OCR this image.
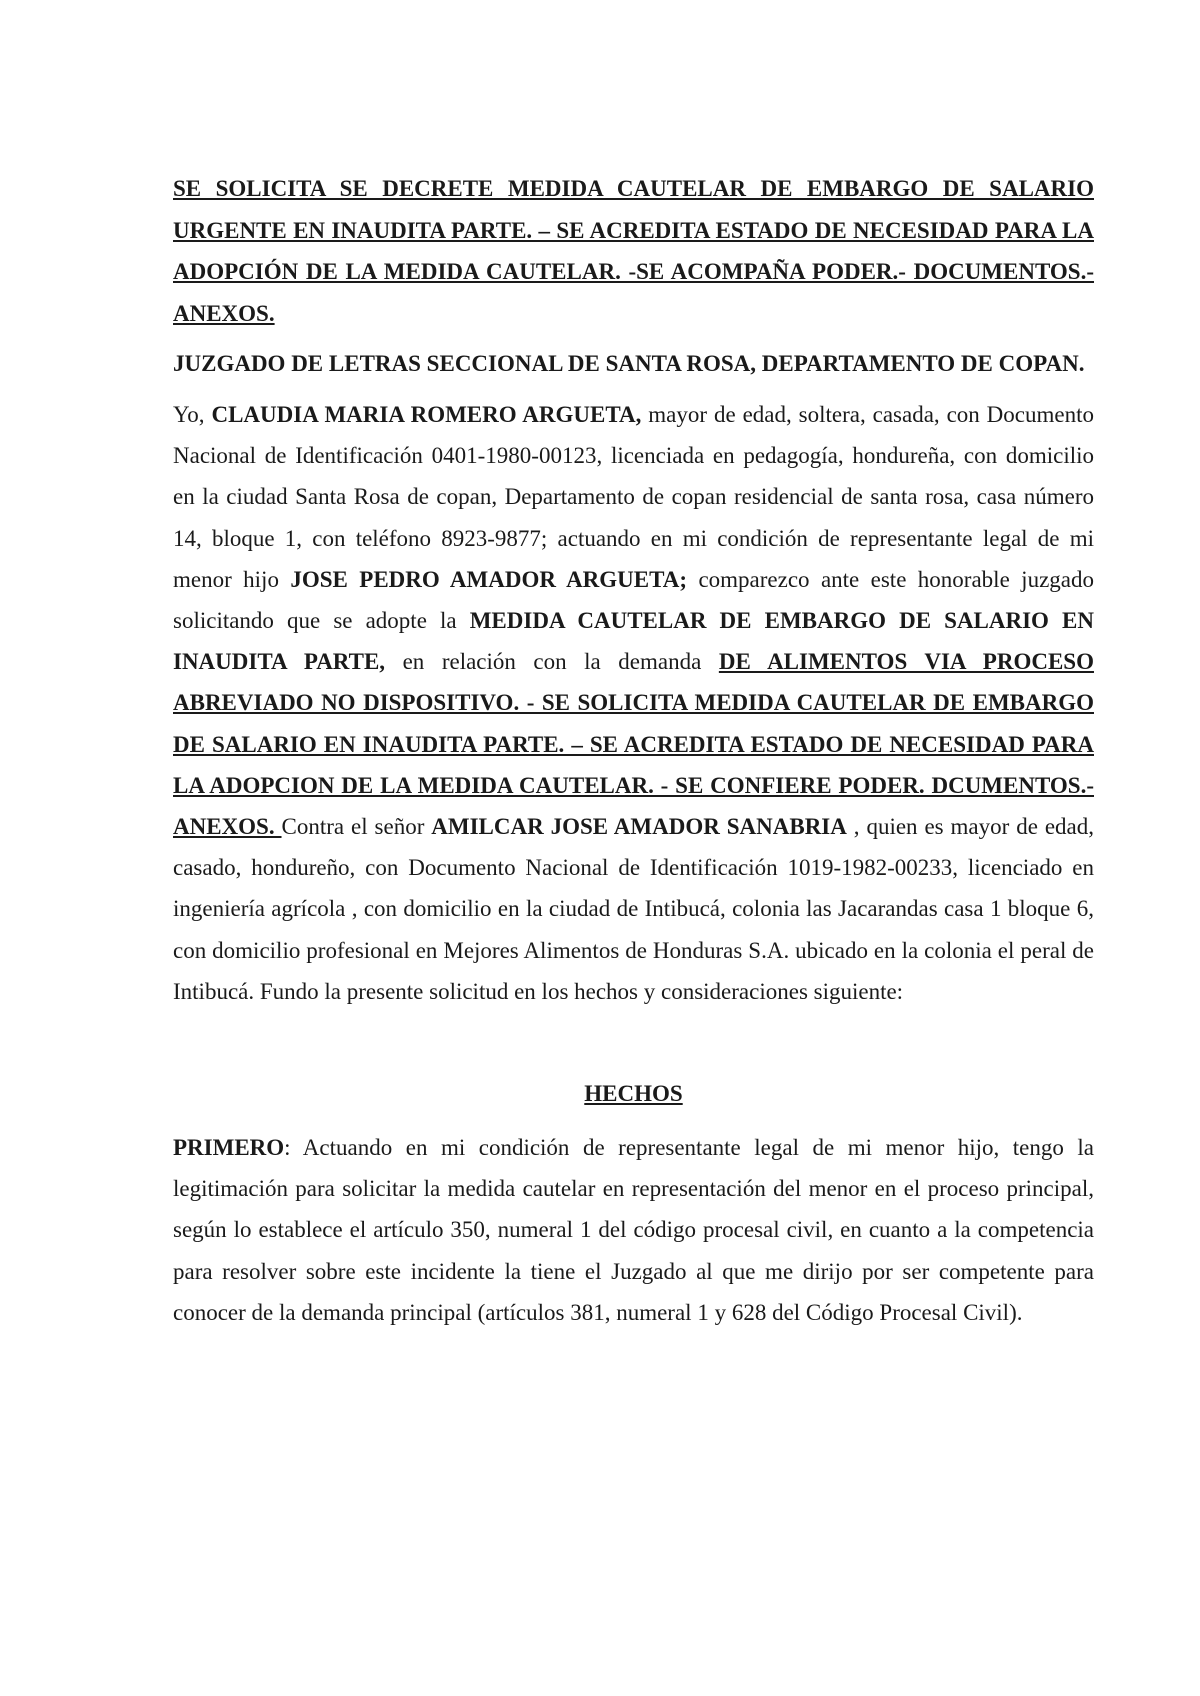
SE SOLICITA SE DECRETE MEDIDA CAUTELAR DE EMBARGO DE SALARIO URGENTE EN INAUDITA PARTE. – SE ACREDITA ESTADO DE NECESIDAD PARA LA ADOPCIÓN DE LA MEDIDA CAUTELAR. -SE ACOMPAÑA PODER.- DOCUMENTOS.- ANEXOS.

JUZGADO DE LETRAS SECCIONAL DE SANTA ROSA, DEPARTAMENTO DE COPAN.

Yo, CLAUDIA MARIA ROMERO ARGUETA, mayor de edad, soltera, casada, con Documento Nacional de Identificación 0401-1980-00123, licenciada en pedagogía, hondureña, con domicilio en la ciudad Santa Rosa de copan, Departamento de copan residencial de santa rosa, casa número 14, bloque 1, con teléfono 8923-9877; actuando en mi condición de representante legal de mi menor hijo JOSE PEDRO AMADOR ARGUETA; comparezco ante este honorable juzgado solicitando que se adopte la MEDIDA CAUTELAR DE EMBARGO DE SALARIO EN INAUDITA PARTE, en relación con la demanda DE ALIMENTOS VIA PROCESO ABREVIADO NO DISPOSITIVO. - SE SOLICITA MEDIDA CAUTELAR DE EMBARGO DE SALARIO EN INAUDITA PARTE. – SE ACREDITA ESTADO DE NECESIDAD PARA LA ADOPCION DE LA MEDIDA CAUTELAR. - SE CONFIERE PODER. DCUMENTOS.- ANEXOS. Contra el señor AMILCAR JOSE AMADOR SANABRIA , quien es mayor de edad, casado, hondureño, con Documento Nacional de Identificación 1019-1982-00233, licenciado en ingeniería agrícola , con domicilio en la ciudad de Intibucá, colonia las Jacarandas casa 1 bloque 6, con domicilio profesional en Mejores Alimentos de Honduras S.A. ubicado en la colonia el peral de Intibucá. Fundo la presente solicitud en los hechos y consideraciones siguiente:

HECHOS

PRIMERO: Actuando en mi condición de representante legal de mi menor hijo, tengo la legitimación para solicitar la medida cautelar en representación del menor en el proceso principal, según lo establece el artículo 350, numeral 1 del código procesal civil, en cuanto a la competencia para resolver sobre este incidente la tiene el Juzgado al que me dirijo por ser competente para conocer de la demanda principal (artículos 381, numeral 1 y 628 del Código Procesal Civil).
